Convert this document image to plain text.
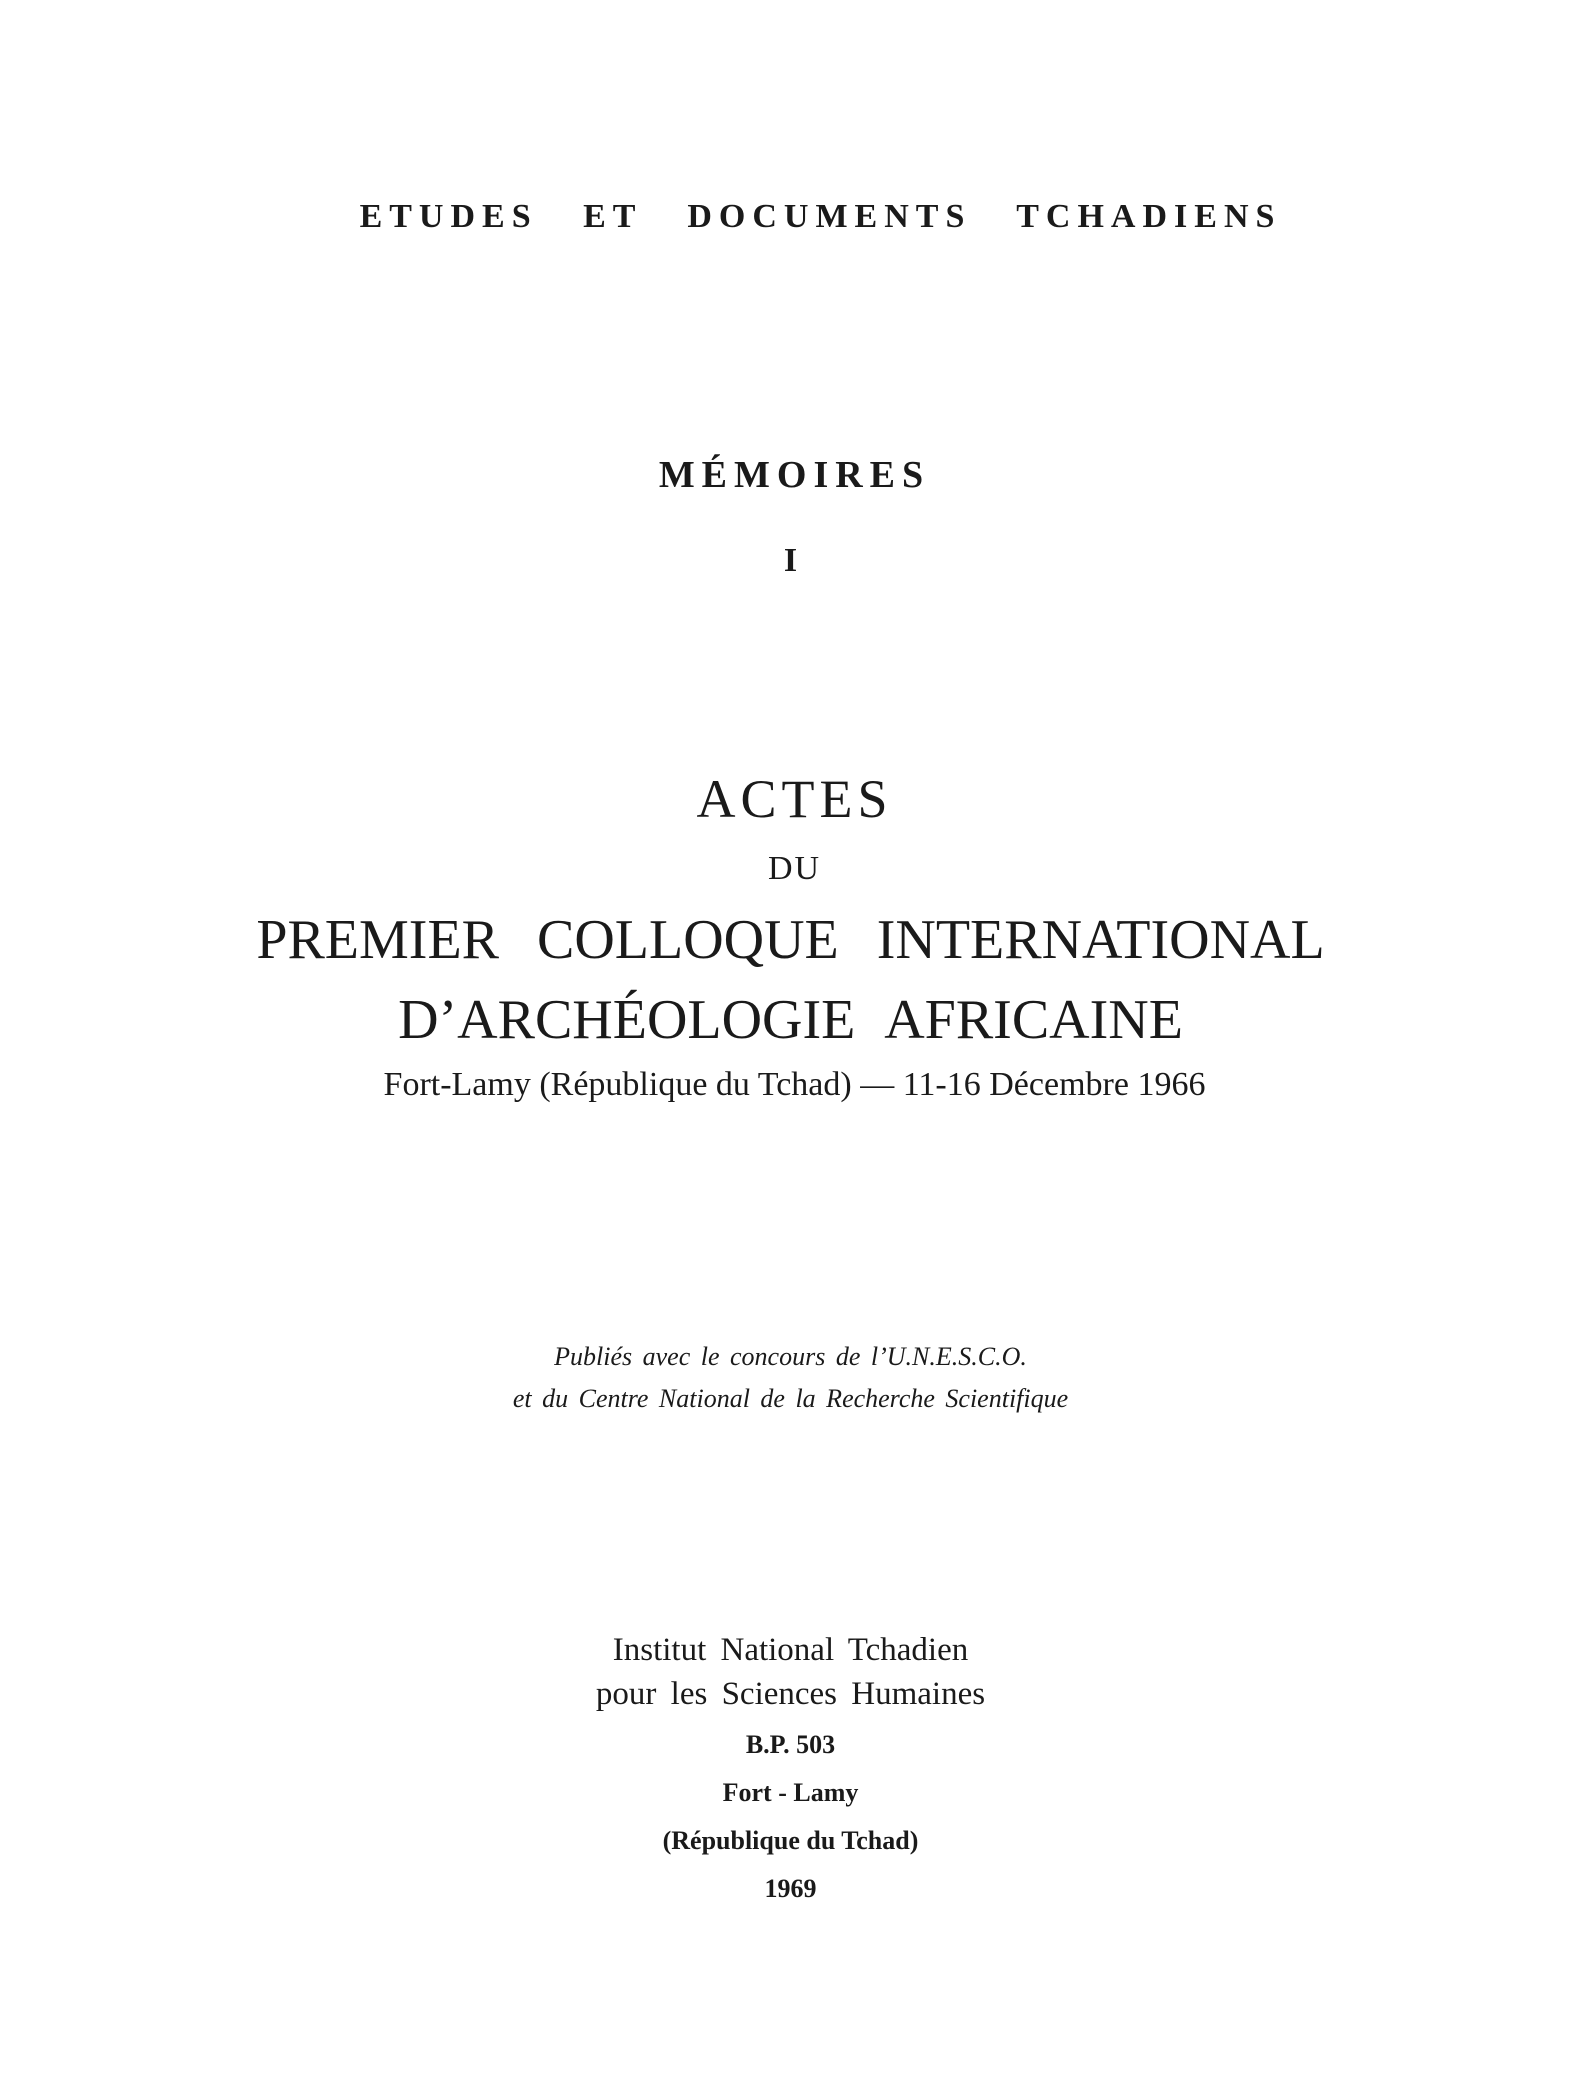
ETUDES ET DOCUMENTS TCHADIENS
MÉMOIRES
I
ACTES
DU
PREMIER COLLOQUE INTERNATIONAL
D’ARCHÉOLOGIE AFRICAINE
Fort-Lamy (République du Tchad) — 11-16 Décembre 1966
Publiés avec le concours de l’U.N.E.S.C.O.
et du Centre National de la Recherche Scientifique
Institut National Tchadien
pour les Sciences Humaines
B.P. 503
Fort - Lamy
(République du Tchad)
1969
